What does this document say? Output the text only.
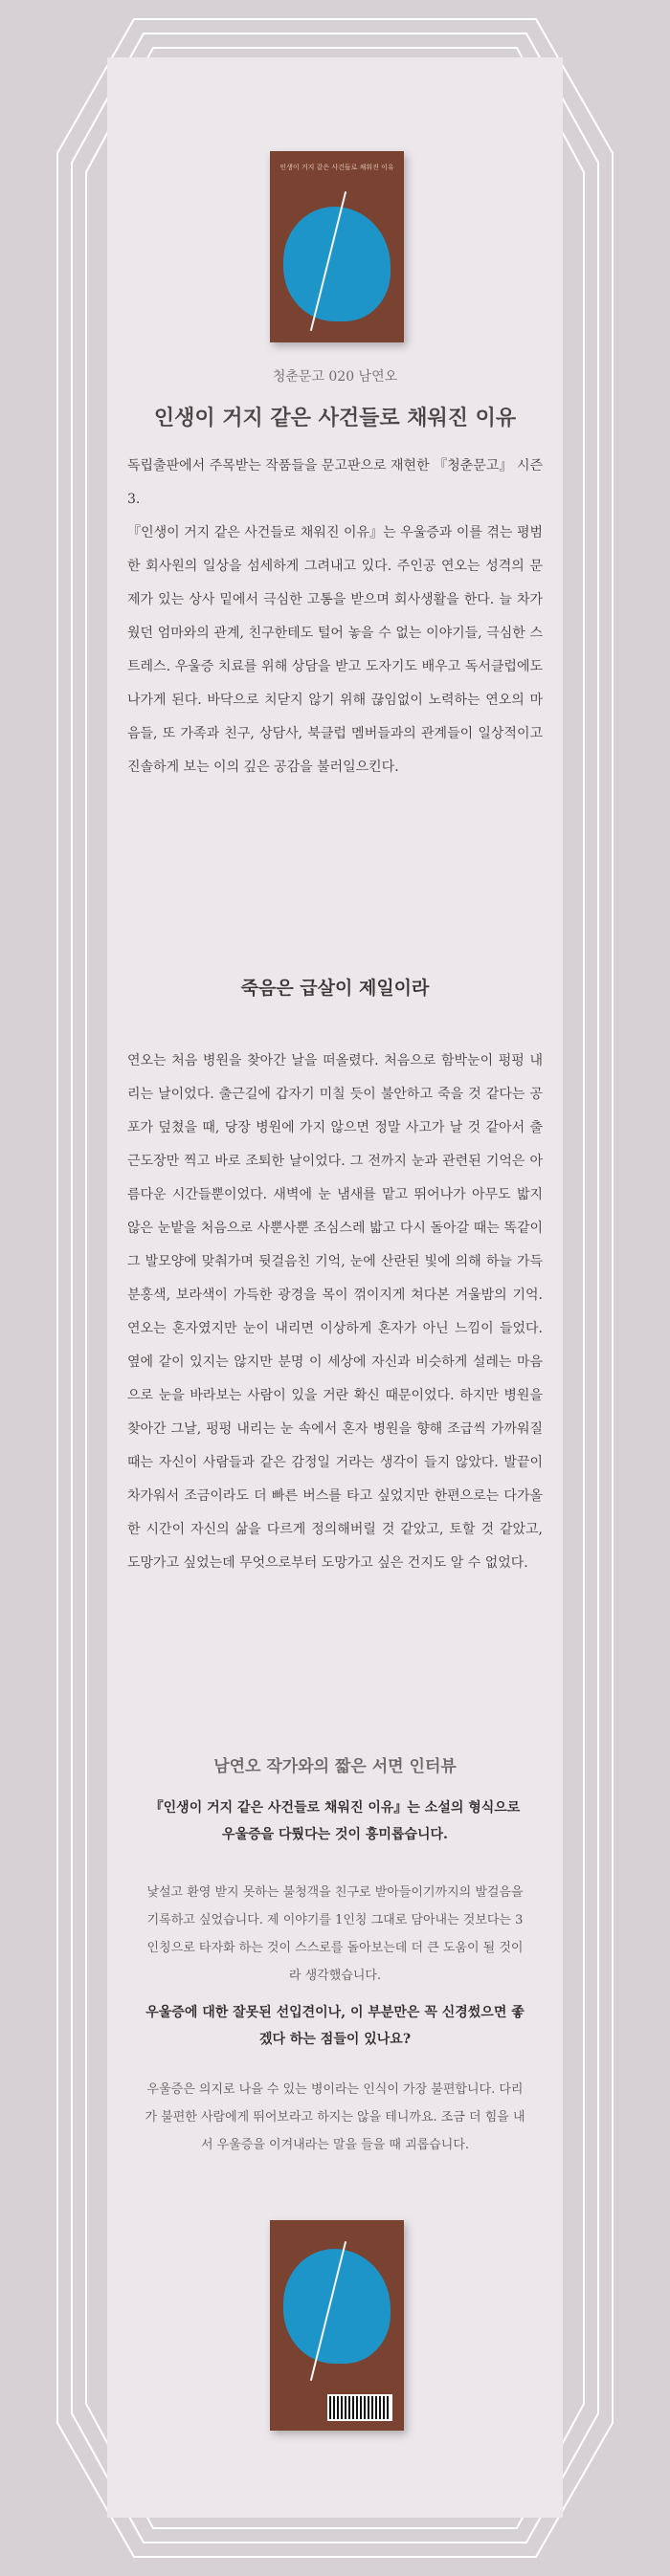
인생이 거지 같은 사건들로 채워진 이유
청춘문고 020 남연오
인생이 거지 같은 사건들로 채워진 이유

독립출판에서 주목받는 작품들을 문고판으로 재현한 『청춘문고』 시즌3.

『인생이 거지 같은 사건들로 채워진 이유』는 우울증과 이를 겪는 평범한 회사원의 일상을 섬세하게 그려내고 있다. 주인공 연오는 성격의 문제가 있는 상사 밑에서 극심한 고통을 받으며 회사생활을 한다. 늘 차가웠던 엄마와의 관계, 친구한테도 털어 놓을 수 없는 이야기들, 극심한 스트레스. 우울증 치료를 위해 상담을 받고 도자기도 배우고 독서클럽에도 나가게 된다. 바닥으로 치닫지 않기 위해 끊임없이 노력하는 연오의 마음들, 또 가족과 친구, 상담사, 북클럽 멤버들과의 관계들이 일상적이고 진솔하게 보는 이의 깊은 공감을 불러일으킨다.

죽음은 급살이 제일이라

연오는 처음 병원을 찾아간 날을 떠올렸다. 처음으로 함박눈이 펑펑 내리는 날이었다. 출근길에 갑자기 미칠 듯이 불안하고 죽을 것 같다는 공포가 덮쳤을 때, 당장 병원에 가지 않으면 정말 사고가 날 것 같아서 출근도장만 찍고 바로 조퇴한 날이었다. 그 전까지 눈과 관련된 기억은 아름다운 시간들뿐이었다. 새벽에 눈 냄새를 맡고 뛰어나가 아무도 밟지 않은 눈밭을 처음으로 사뿐사뿐 조심스레 밟고 다시 돌아갈 때는 똑같이 그 발모양에 맞춰가며 뒷걸음친 기억, 눈에 산란된 빛에 의해 하늘 가득 분홍색, 보라색이 가득한 광경을 목이 꺾이지게 쳐다본 겨울밤의 기억. 연오는 혼자였지만 눈이 내리면 이상하게 혼자가 아닌 느낌이 들었다. 옆에 같이 있지는 않지만 분명 이 세상에 자신과 비슷하게 설레는 마음으로 눈을 바라보는 사람이 있을 거란 확신 때문이었다. 하지만 병원을 찾아간 그날, 펑펑 내리는 눈 속에서 혼자 병원을 향해 조급씩 가까워질 때는 자신이 사람들과 같은 감정일 거라는 생각이 들지 않았다. 발끝이 차가워서 조금이라도 더 빠른 버스를 타고 싶었지만 한편으로는 다가올 한 시간이 자신의 삶을 다르게 정의해버릴 것 같았고, 토할 것 같았고, 도망가고 싶었는데 무엇으로부터 도망가고 싶은 건지도 알 수 없었다.

남연오 작가와의 짧은 서면 인터뷰
『인생이 거지 같은 사건들로 채워진 이유』는 소설의 형식으로 우울증을 다뤘다는 것이 흥미롭습니다.
낯설고 환영 받지 못하는 불청객을 친구로 받아들이기까지의 발걸음을 기록하고 싶었습니다. 제 이야기를 1인칭 그대로 담아내는 것보다는 3인칭으로 타자화 하는 것이 스스로를 돌아보는데 더 큰 도움이 될 것이라 생각했습니다.
우울증에 대한 잘못된 선입견이나, 이 부분만은 꼭 신경썼으면 좋겠다 하는 점들이 있나요?
우울증은 의지로 나을 수 있는 병이라는 인식이 가장 불편합니다. 다리가 불편한 사람에게 뛰어보라고 하지는 않을 테니까요. 조금 더 힘을 내서 우울증을 이겨내라는 말을 들을 때 괴롭습니다.
